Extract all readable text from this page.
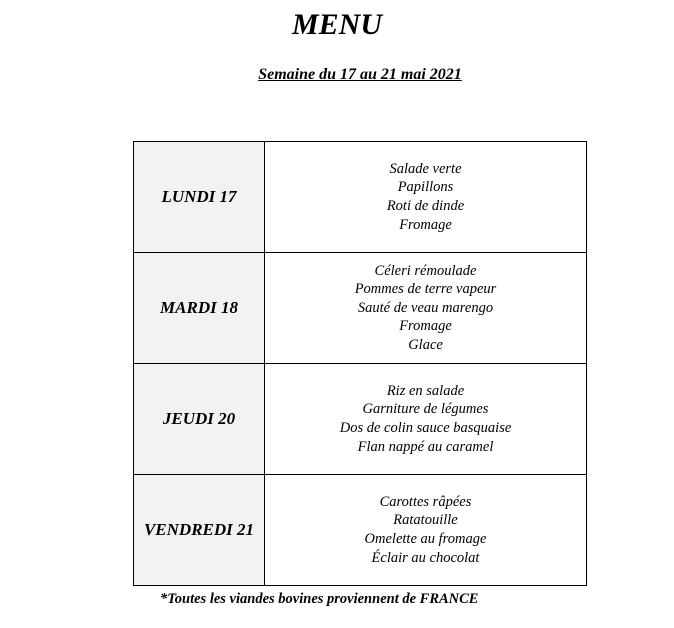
MENU
Semaine du 17 au 21 mai 2021
LUNDI 17	Salade verte
Papillons
Roti de dinde
Fromage

MARDI 18	Céleri rémoulade
Pommes de terre vapeur
Sauté de veau marengo
Fromage
Glace

JEUDI 20	Riz en salade
Garniture de légumes
Dos de colin sauce basquaise
Flan nappé au caramel

VENDREDI 21	Carottes râpées
Ratatouille
Omelette au fromage
Éclair au chocolat
*Toutes les viandes bovines proviennent de FRANCE
